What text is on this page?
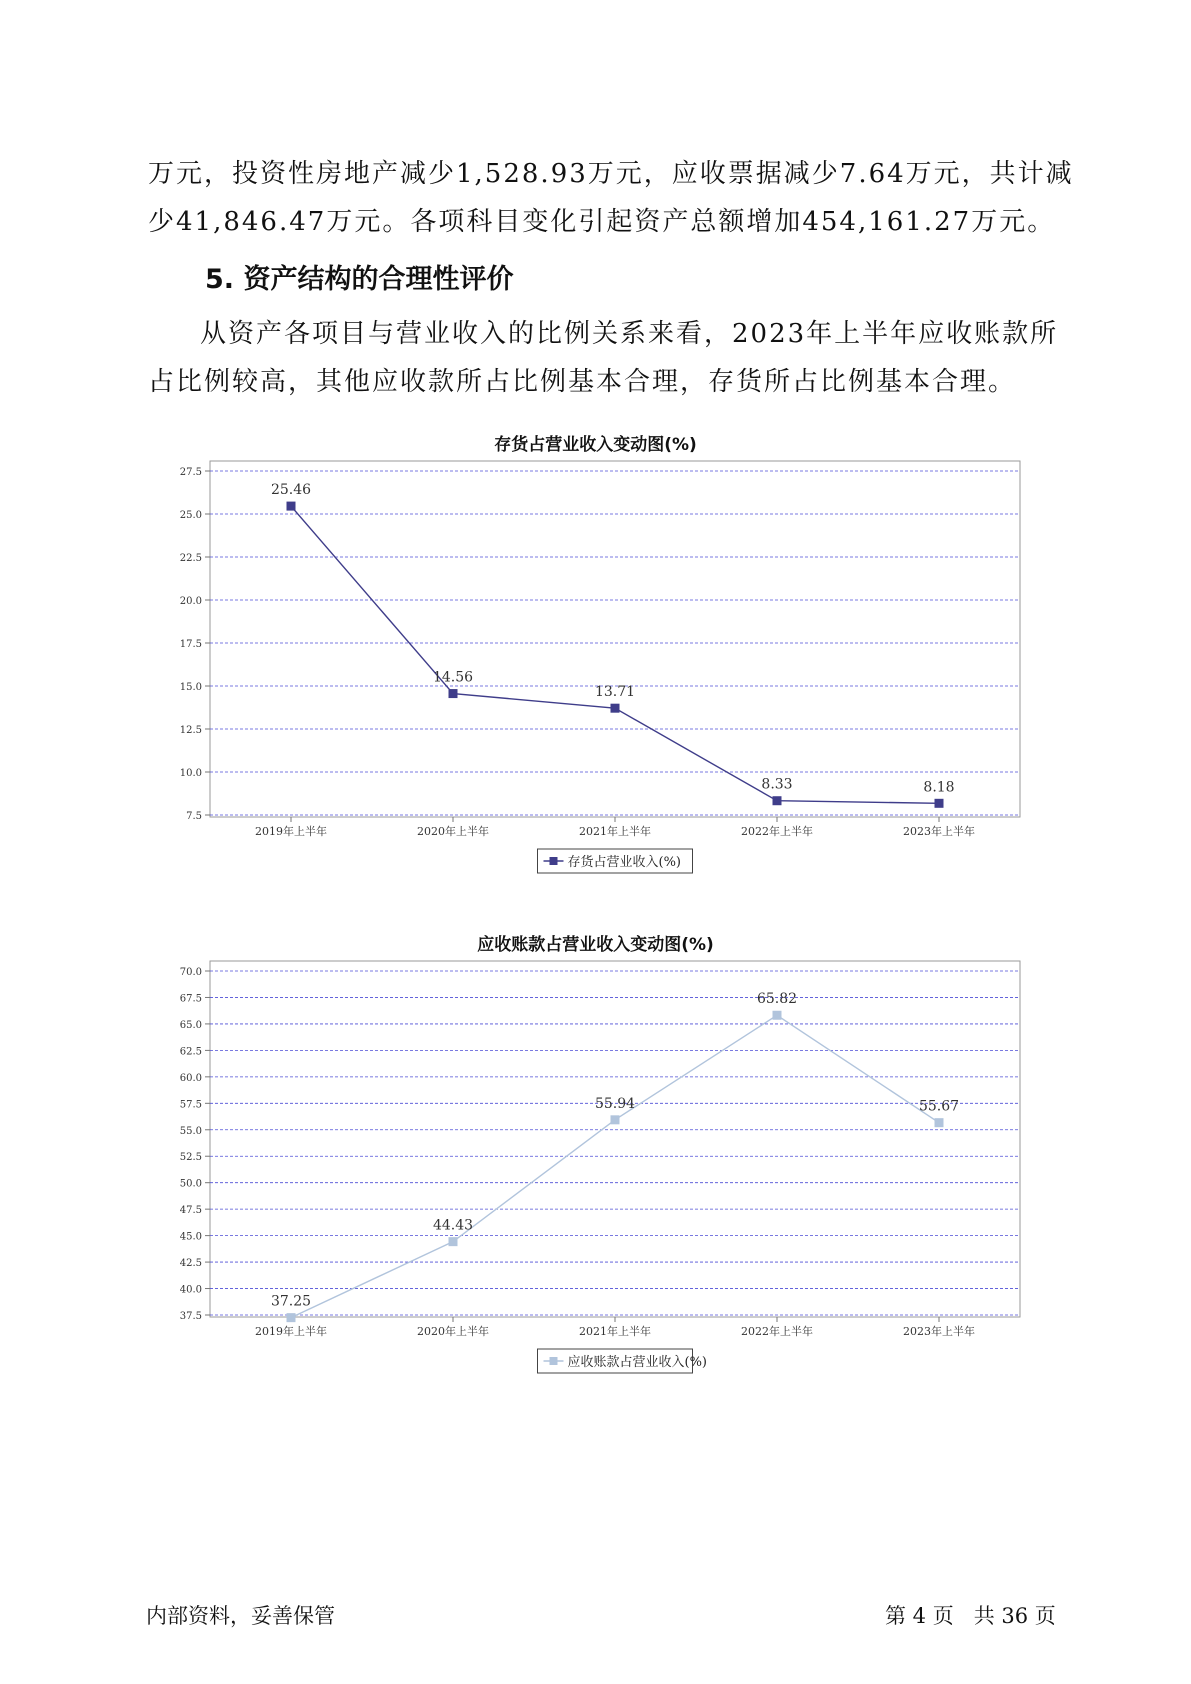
万元，投资性房地产减少1,528.93万元，应收票据减少7.64万元，共计减

少41,846.47万元。各项科目变化引起资产总额增加454,161.27万元。

5. 资产结构的合理性评价

从资产各项目与营业收入的比例关系来看，2023年上半年应收账款所

占比例较高，其他应收款所占比例基本合理，存货所占比例基本合理。

存货占营业收入变动图(%)
7.5
10.0
12.5
15.0
17.5
20.0
22.5
25.0
27.5
2019年上半年	2020年上半年	2021年上半年	2022年上半年	2023年上半年
25.46
14.56
13.71
8.33	8.18
存货占营业收入(%)
应收账款占营业收入变动图(%)
37.5
40.0
42.5
45.0
47.5
50.0
52.5
55.0
57.5
60.0
62.5
65.0
67.5
70.0
2019年上半年	2020年上半年	2021年上半年	2022年上半年	2023年上半年
37.25
44.43
55.94
65.82
55.67
应收账款占营业收入(%)
内部资料，妥善保管	第 4 页   共 36 页
